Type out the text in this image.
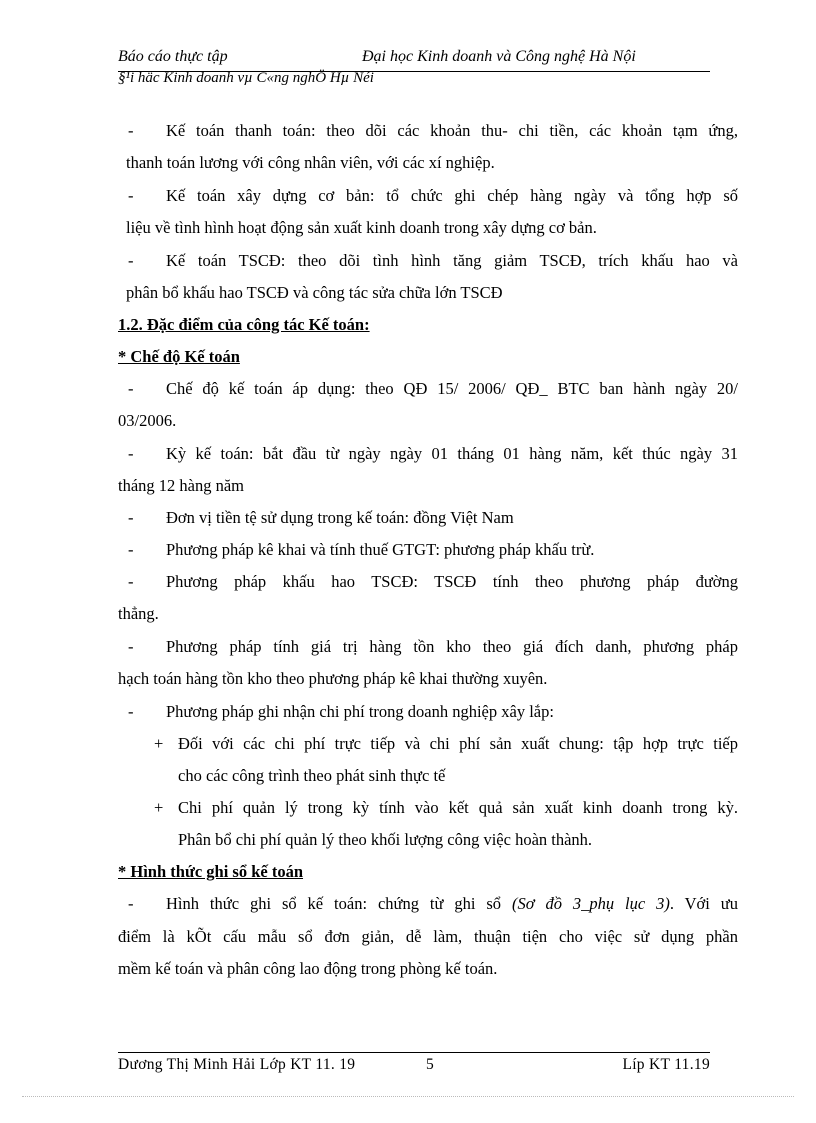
Báo cáo thực tập	Đại học Kinh doanh và Công nghệ Hà Nội
§¹i häc Kinh doanh vµ C«ng nghÖ Hµ Néi
- Kế toán thanh toán: theo dõi các khoản thu- chi tiền, các khoản tạm ứng,
thanh toán lương với công nhân viên, với các xí nghiệp.
- Kế toán xây dựng cơ bản: tổ chức ghi chép hàng ngày và tổng hợp số
liệu về tình hình hoạt động sản xuất kinh doanh trong xây dựng cơ bản.
- Kế toán TSCĐ: theo dõi tình hình tăng giảm TSCĐ, trích khấu hao và
phân bổ khấu hao TSCĐ và công tác sửa chữa lớn TSCĐ
1.2. Đặc điểm của công tác Kế toán:
* Chế độ Kế toán
- Chế độ kế toán áp dụng: theo QĐ 15/ 2006/ QĐ_ BTC ban hành ngày 20/
03/2006.
- Kỳ kế toán: bắt đầu từ ngày ngày 01 tháng 01 hàng năm, kết thúc ngày 31
tháng 12 hàng năm
- Đơn vị tiền tệ sử dụng trong kế toán: đồng Việt Nam
- Phương pháp kê khai và tính thuế GTGT: phương pháp khấu trừ.
- Phương pháp khấu hao TSCĐ: TSCĐ tính theo phương pháp đường
thẳng.
- Phương pháp tính giá trị hàng tồn kho theo giá đích danh, phương pháp
hạch toán hàng tồn kho theo phương pháp kê khai thường xuyên.
- Phương pháp ghi nhận chi phí trong doanh nghiệp xây lắp:
+ Đối với các chi phí trực tiếp và chi phí sản xuất chung: tập hợp trực tiếp
cho các công trình theo phát sinh thực tế
+ Chi phí quản lý trong kỳ tính vào kết quả sản xuất kinh doanh trong kỳ.
Phân bổ chi phí quản lý theo khối lượng công việc hoàn thành.
* Hình thức ghi sổ kế toán
- Hình thức ghi sổ kế toán: chứng từ ghi sổ (Sơ đồ 3_phụ lục 3). Với ưu
điểm là kÕt cấu mẫu sổ đơn giản, dễ làm, thuận tiện cho việc sử dụng phần
mềm kế toán và phân công lao động trong phòng kế toán.
Dương Thị Minh Hải Lớp KT 11. 19	5	Líp KT 11.19
